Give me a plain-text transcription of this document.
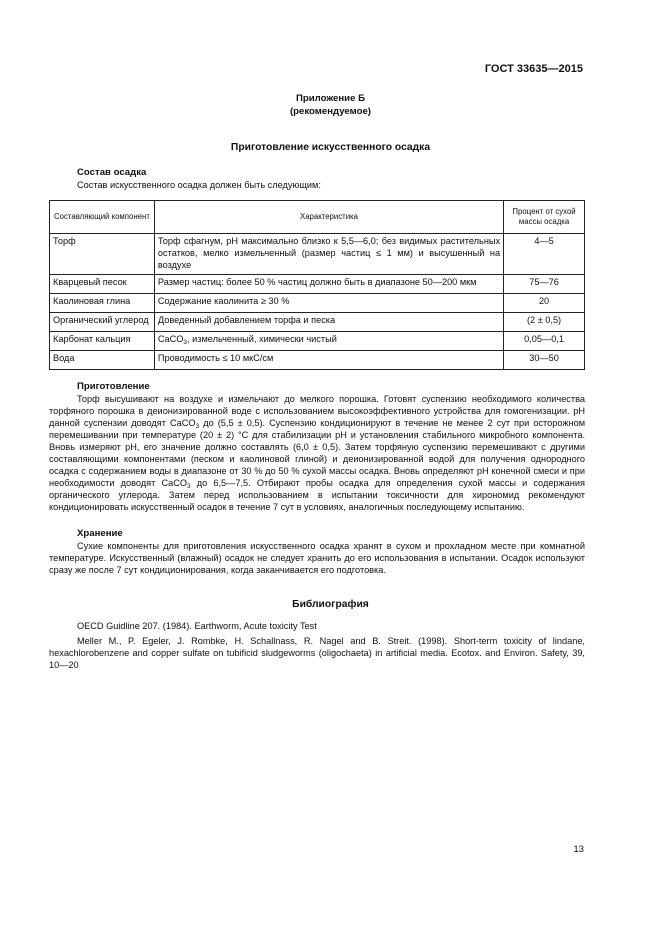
ГОСТ 33635—2015
Приложение Б
(рекомендуемое)
Приготовление искусственного осадка
Состав осадка
Состав искусственного осадка должен быть следующим:
Составляющий компонент	Характеристика	Процент от сухой массы осадка
Торф	Торф сфагнум, pH максимально близко к 5,5—6,0; без видимых растительных остатков, мелко измельченный (размер частиц ≤ 1 мм) и высушенный на воздухе	4—5
Кварцевый песок	Размер частиц: более 50 % частиц должно быть в диапазоне 50—200 мкм	75—76
Каолиновая глина	Содержание каолинита ≥ 30 %	20
Органический углерод	Доведенный добавлением торфа и песка	(2 ± 0,5)
Карбонат кальция	CaCO$_3$, измельченный, химически чистый	0,05—0,1
Вода	Проводимость ≤ 10 мкС/см	30—50
Приготовление

Торф высушивают на воздухе и измельчают до мелкого порошка. Готовят суспензию необходимого количества торфяного порошка в деионизированной воде с использованием высокоэффективного устройства для гомогенизации. pH данной суспензии доводят CaCO$_3$ до (5,5 ± 0,5). Суспензию кондиционируют в течение не менее 2 сут при осторожном перемешивании при температуре (20 ± 2) °С для стабилизации pH и установления стабильного микробного компонента. Вновь измеряют pH, его значение должно составлять (6,0 ± 0,5). Затем торфяную суспензию перемешивают с другими составляющими компонентами (песком и каолиновой глиной) и деионизированной водой для получения однородного осадка с содержанием воды в диапазоне от 30 % до 50 % сухой массы осадка. Вновь определяют pH конечной смеси и при необходимости доводят CaCO$_3$ до 6,5—7,5. Отбирают пробы осадка для определения сухой массы и содержания органического углерода. Затем перед использованием в испытании токсичности для хирономид рекомендуют кондиционировать искусственный осадок в течение 7 сут в условиях, аналогичных последующему испытанию.

Хранение

Сухие компоненты для приготовления искусственного осадка хранят в сухом и прохладном месте при комнатной температуре. Искусственный (влажный) осадок не следует хранить до его использования в испытании. Осадок используют сразу же после 7 сут кондиционирования, когда заканчивается его подготовка.

Библиография

OECD Guidline 207. (1984). Earthworm, Acute toxicity Test

Meller M., P. Egeler, J. Rombke, H. Schallnass, R. Nagel and B. Streit. (1998). Short-term toxicity of lindane, hexachlorobenzene and copper sulfate on tubificid sludgeworms (oligochaeta) in artificial media. Ecotox. and Environ. Safety, 39, 10—20

13
